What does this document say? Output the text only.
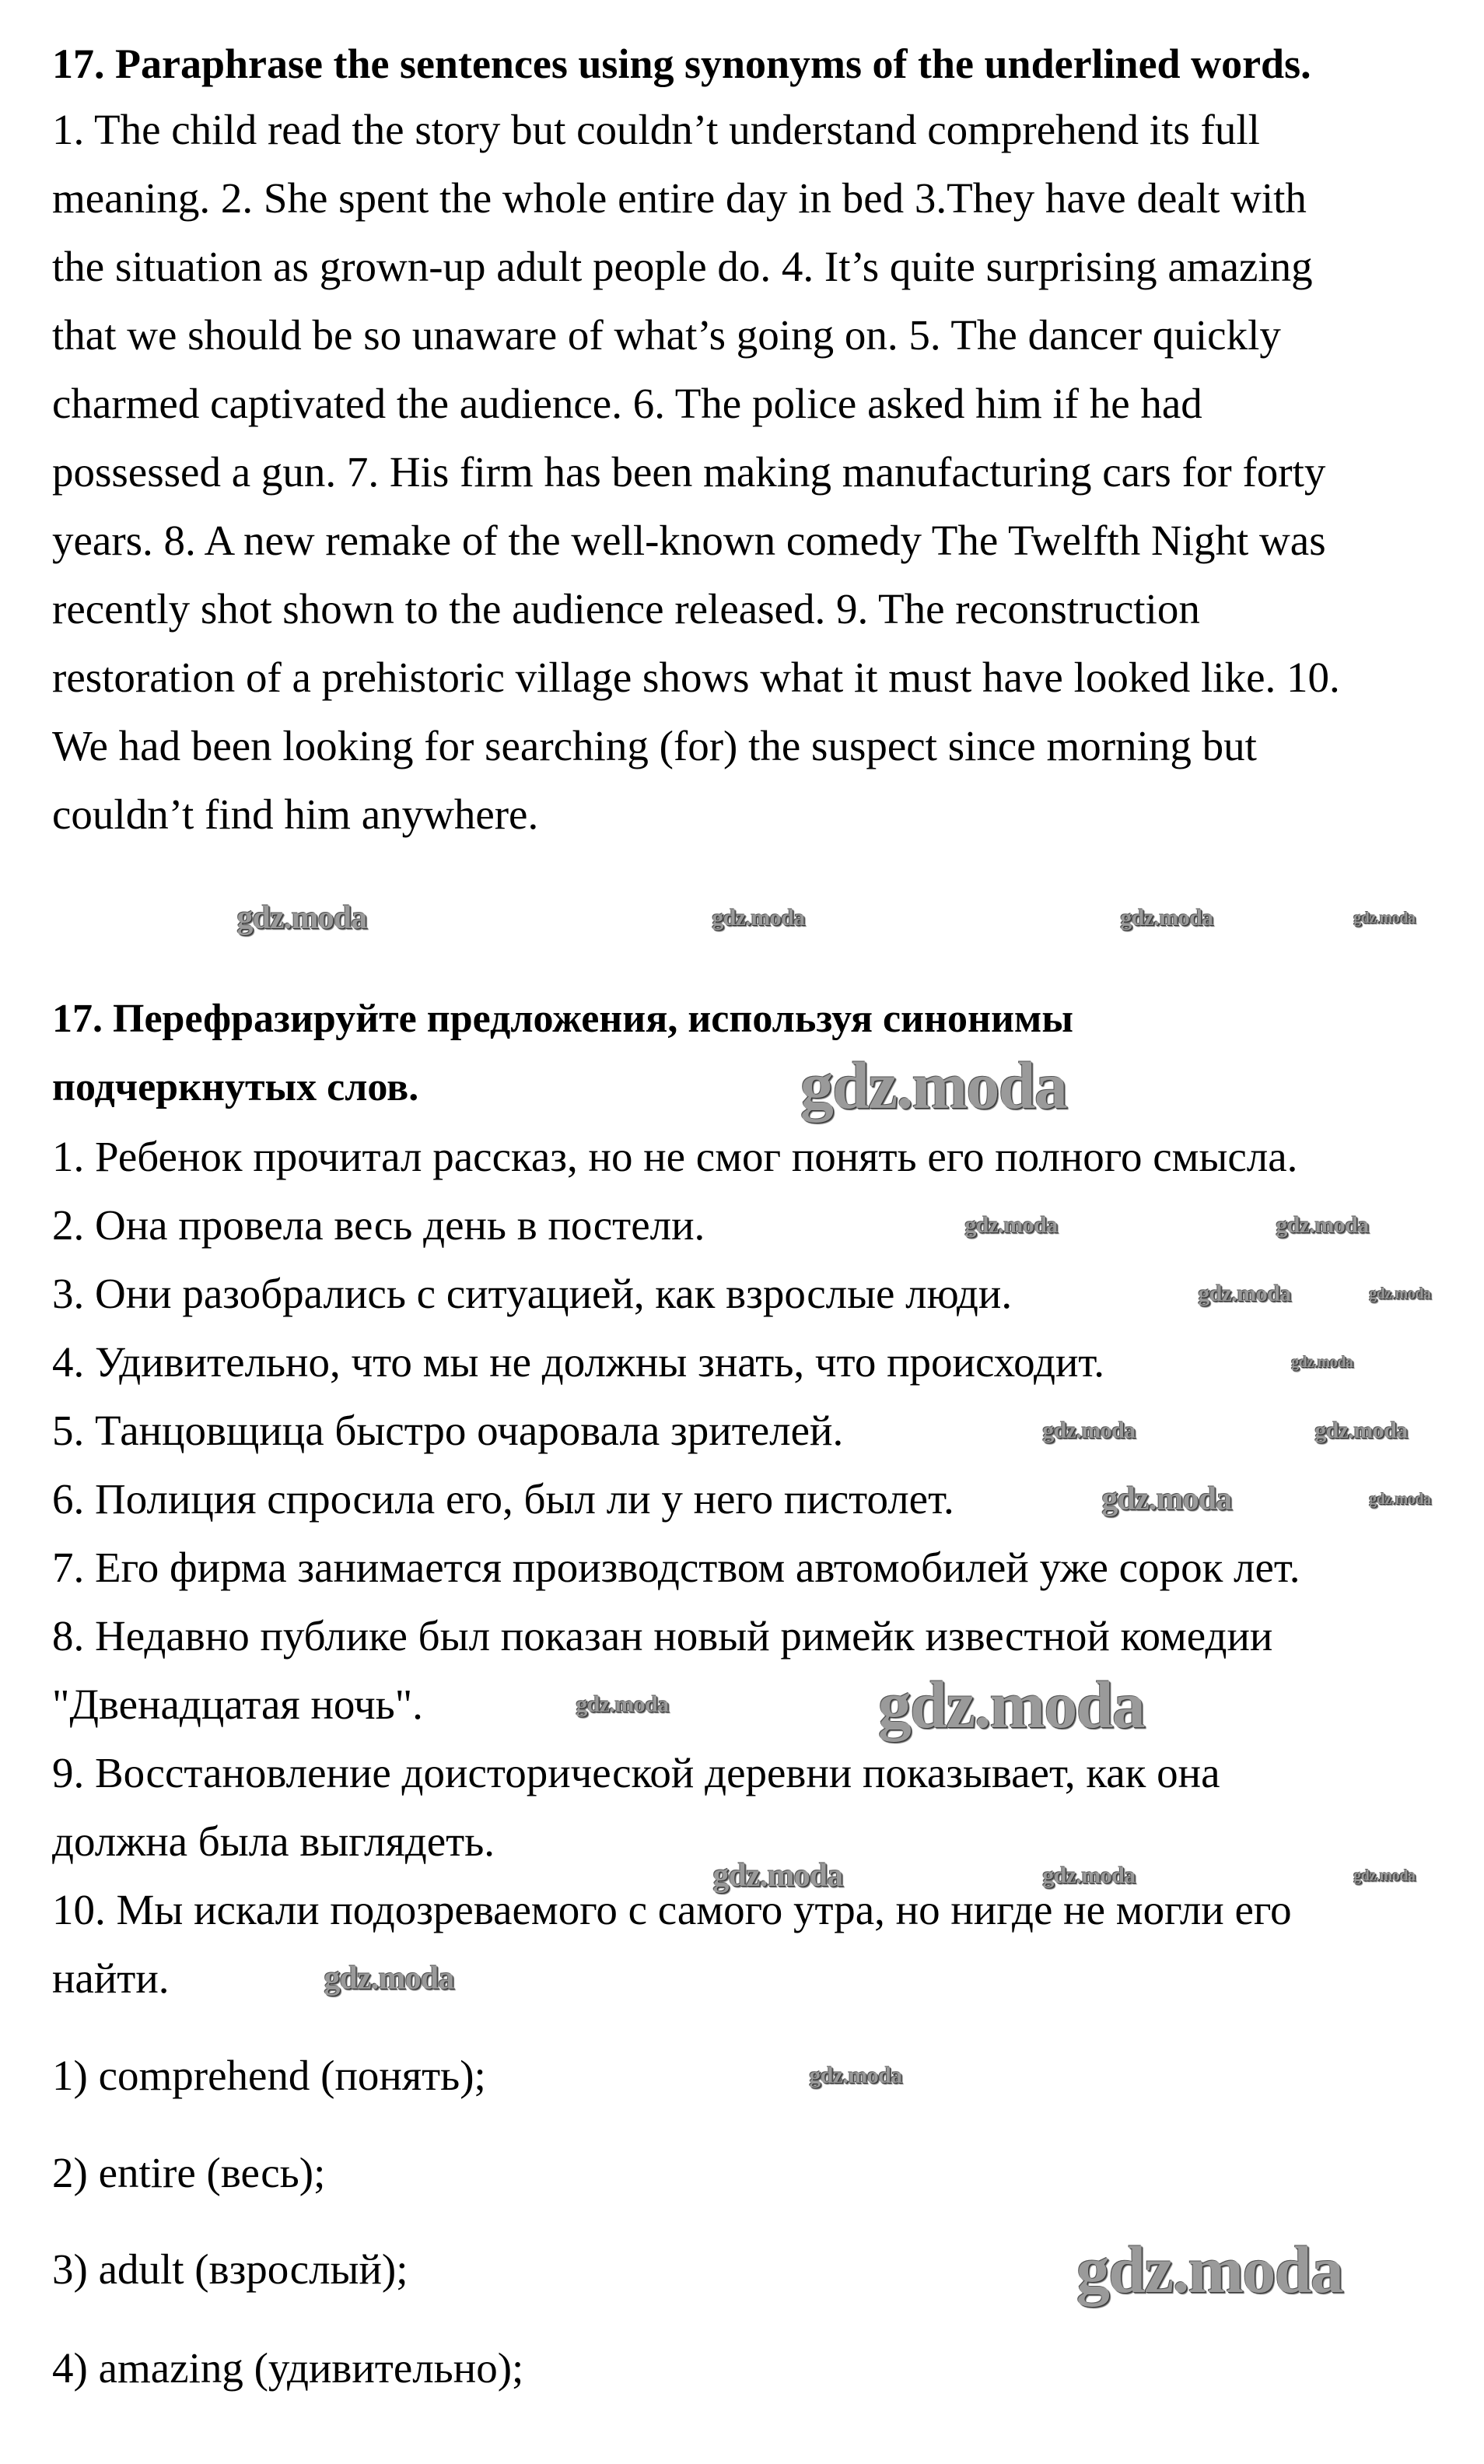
17. Paraphrase the sentences using synonyms of the underlined words.
1. The child read the story but couldn’t understand comprehend its full
meaning. 2. She spent the whole entire day in bed 3.They have dealt with
the situation as grown-up adult people do. 4. It’s quite surprising amazing
that we should be so unaware of what’s going on. 5. The dancer quickly
charmed captivated the audience. 6. The police asked him if he had
possessed a gun. 7. His firm has been making manufacturing cars for forty
years. 8. A new remake of the well-known comedy The Twelfth Night was
recently shot shown to the audience released. 9. The reconstruction
restoration of a prehistoric village shows what it must have looked like. 10.
We had been looking for searching (for) the suspect since morning but
couldn’t find him anywhere.
17. Перефразируйте предложения, используя синонимы
подчеркнутых слов.
1. Ребенок прочитал рассказ, но не смог понять его полного смысла.
2. Она провела весь день в постели.
3. Они разобрались с ситуацией, как взрослые люди.
4. Удивительно, что мы не должны знать, что происходит.
5. Танцовщица быстро очаровала зрителей.
6. Полиция спросила его, был ли у него пистолет.
7. Его фирма занимается производством автомобилей уже сорок лет.
8. Недавно публике был показан новый римейк известной комедии
"Двенадцатая ночь".
9. Восстановление доисторической деревни показывает, как она
должна была выглядеть.
10. Мы искали подозреваемого с самого утра, но нигде не могли его
найти.
1) comprehend (понять);
2) entire (весь);
3) adult (взрослый);
4) amazing (удивительно);
gdz.moda	gdz.moda	gdz.moda	gdz.moda
gdz.moda
gdz.moda	gdz.moda
gdz.moda	gdz.moda
gdz.moda
gdz.moda	gdz.moda
gdz.moda	gdz.moda
gdz.moda	gdz.moda
gdz.moda	gdz.moda	gdz.moda
gdz.moda
gdz.moda
gdz.moda
